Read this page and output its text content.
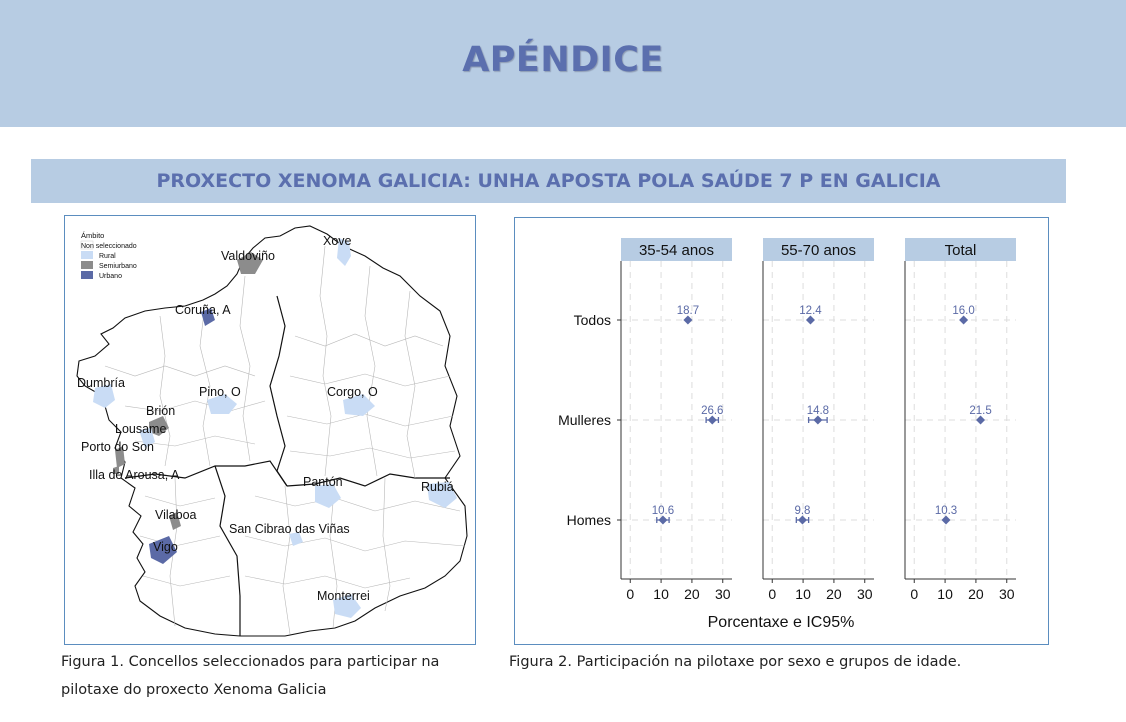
APÉNDICE
PROXECTO XENOMA GALICIA: UNHA APOSTA POLA SAÚDE 7 P EN GALICIA
Ámbito
Non seleccionado
Rural
Semiurbano
Urbano
Xove
Valdoviño
Coruña, A
Dumbría
Pino, O	Corgo, O
Brión
Lousame
Porto do Son
Illa de Arousa, A	Pantón	Rubiá
Vilaboa
San Cibrao das Viñas
Vigo
Monterrei
Figura 1. Concellos seleccionados para participar na
pilotaxe do proxecto Xenoma Galicia
35-54 anos
0 10 20 30
18.7
26.6
10.6
55-70 anos
0 10 20 30
12.4
14.8
9.8
Total
0 10 20 30
16.0
21.5
10.3
Todos
Mulleres
Homes
Porcentaxe e IC95%
Figura 2. Participación na pilotaxe por sexo e grupos de idade.
